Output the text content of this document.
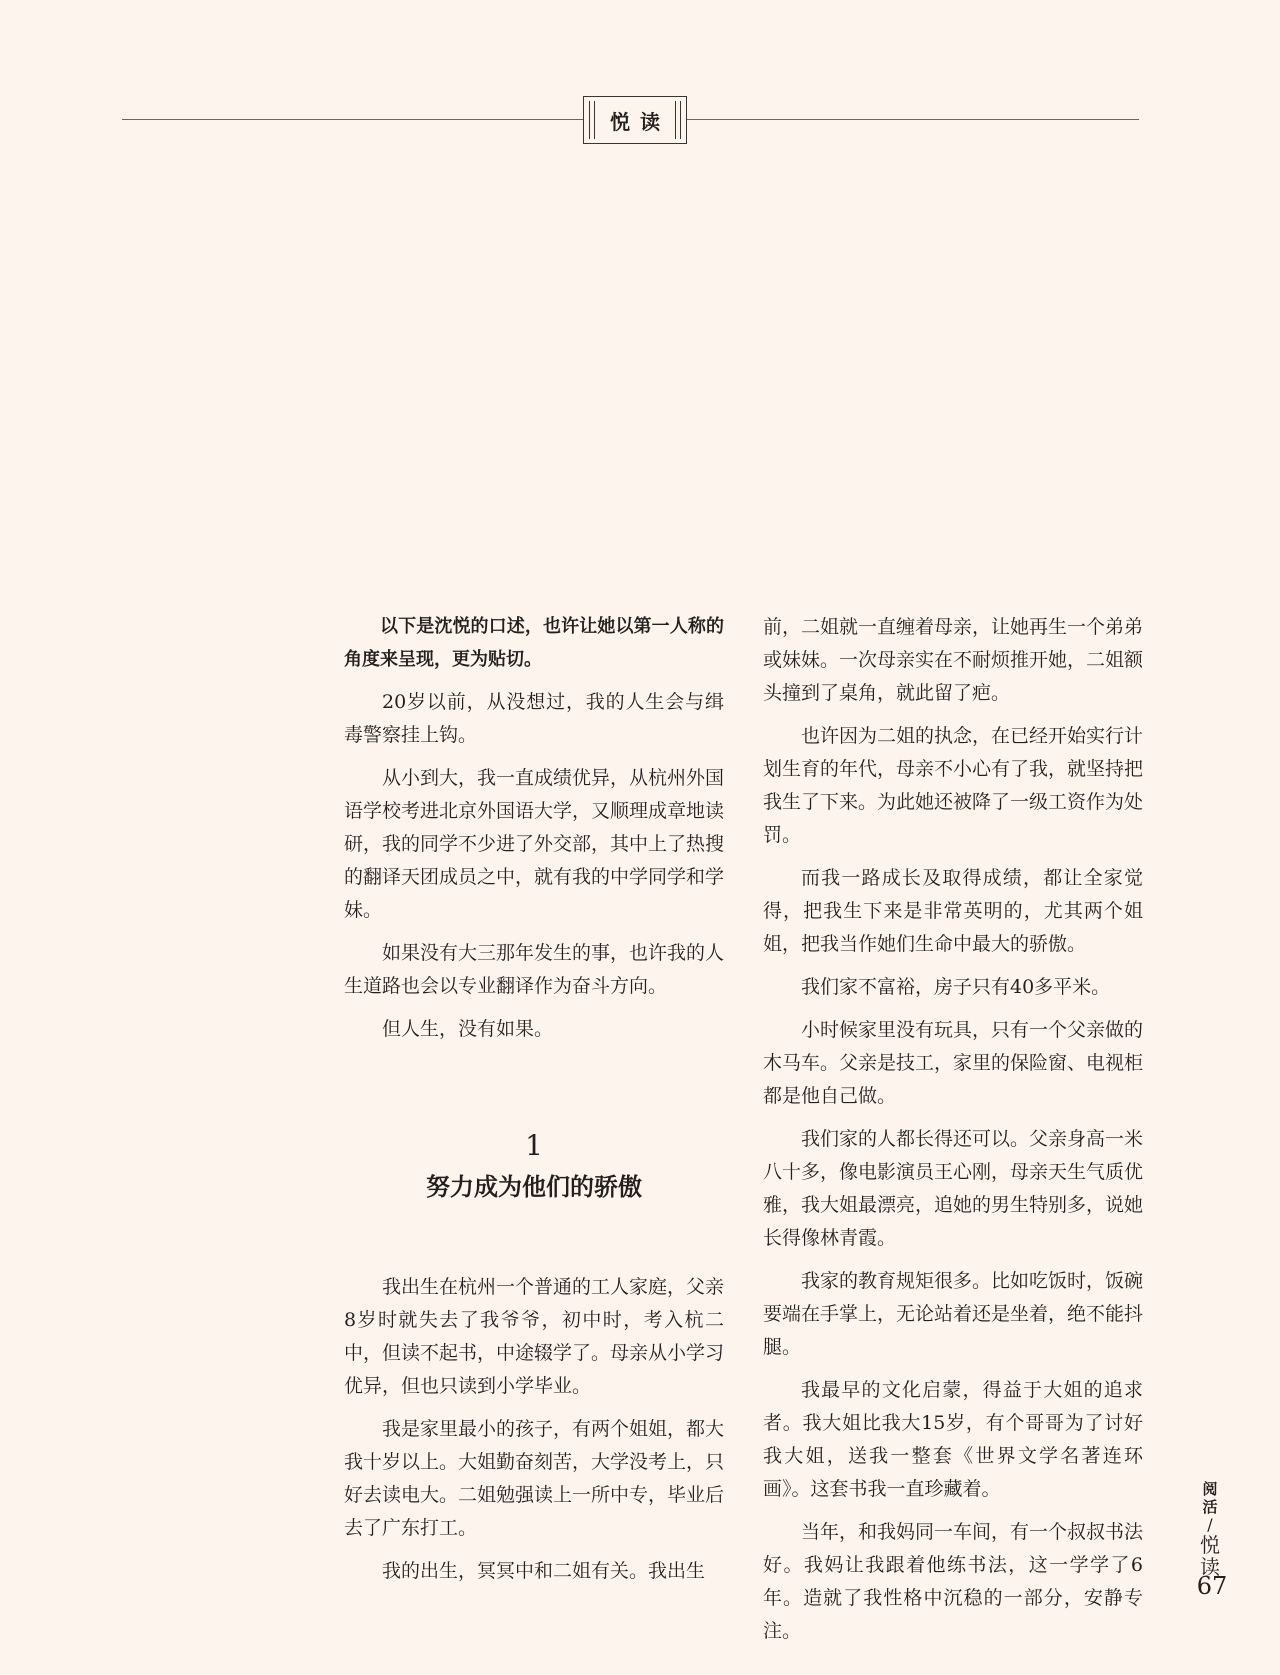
悦读

以下是沈悦的口述，也许让她以第一人称的角度来呈现，更为贴切。

20岁以前，从没想过，我的人生会与缉毒警察挂上钩。

从小到大，我一直成绩优异，从杭州外国语学校考进北京外国语大学，又顺理成章地读研，我的同学不少进了外交部，其中上了热搜的翻译天团成员之中，就有我的中学同学和学妹。

如果没有大三那年发生的事，也许我的人生道路也会以专业翻译作为奋斗方向。

但人生，没有如果。

1
努力成为他们的骄傲

我出生在杭州一个普通的工人家庭，父亲8岁时就失去了我爷爷，初中时，考入杭二中，但读不起书，中途辍学了。母亲从小学习优异，但也只读到小学毕业。

我是家里最小的孩子，有两个姐姐，都大我十岁以上。大姐勤奋刻苦，大学没考上，只好去读电大。二姐勉强读上一所中专，毕业后去了广东打工。

我的出生，冥冥中和二姐有关。我出生

前，二姐就一直缠着母亲，让她再生一个弟弟或妹妹。一次母亲实在不耐烦推开她，二姐额头撞到了桌角，就此留了疤。

也许因为二姐的执念，在已经开始实行计划生育的年代，母亲不小心有了我，就坚持把我生了下来。为此她还被降了一级工资作为处罚。

而我一路成长及取得成绩，都让全家觉得，把我生下来是非常英明的，尤其两个姐姐，把我当作她们生命中最大的骄傲。

我们家不富裕，房子只有40多平米。

小时候家里没有玩具，只有一个父亲做的木马车。父亲是技工，家里的保险窗、电视柜都是他自己做。

我们家的人都长得还可以。父亲身高一米八十多，像电影演员王心刚，母亲天生气质优雅，我大姐最漂亮，追她的男生特别多，说她长得像林青霞。

我家的教育规矩很多。比如吃饭时，饭碗要端在手掌上，无论站着还是坐着，绝不能抖腿。

我最早的文化启蒙，得益于大姐的追求者。我大姐比我大15岁，有个哥哥为了讨好我大姐，送我一整套《世界文学名著连环画》。这套书我一直珍藏着。

当年，和我妈同一车间，有一个叔叔书法好。我妈让我跟着他练书法，这一学学了6年。造就了我性格中沉稳的一部分，安静专注。

阅活
/
悦读
67
